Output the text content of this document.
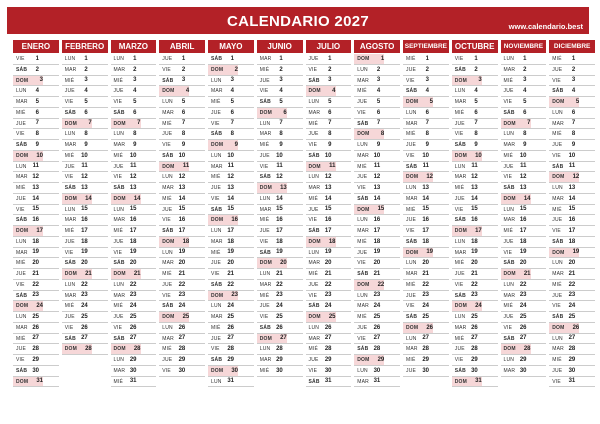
CALENDARIO 2027	www.calendario.best
ENERO
VIE	1
SÁB	2
DOM	3
LUN	4
MAR	5
MIÉ	6
JUE	7
VIE	8
SÁB	9
DOM	10
LUN	11
MAR 12
MIÉ	13
JUE	14
VIE	15
SÁB 16
DOM	17
LUN 18
MAR 19
MIÉ	20
JUE	21
VIE	22
SÁB 23
DOM	24
LUN 25
MAR 26
MIÉ	27
JUE	28
VIE	29
SÁB 30
DOM	31
FEBRERO
LUN	1
MAR	2
MIÉ	3
JUE	4
VIE	5
SÁB	6
DOM	7
LUN	8
MAR	9
MIÉ	10
JUE	11
VIE	12
SÁB 13
DOM	14
LUN 15
MAR 16
MIÉ	17
JUE	18
VIE	19
SÁB 20
DOM	21
LUN 22
MAR 23
MIÉ	24
JUE	25
VIE	26
SÁB 27
DOM	28
MARZO
LUN	1
MAR	2
MIÉ	3
JUE	4
VIE	5
SÁB	6
DOM	7
LUN	8
MAR	9
MIÉ	10
JUE	11
VIE	12
SÁB 13
DOM	14
LUN 15
MAR 16
MIÉ	17
JUE	18
VIE	19
SÁB 20
DOM	21
LUN 22
MAR 23
MIÉ	24
JUE	25
VIE	26
SÁB 27
DOM	28
LUN 29
MAR 30
MIÉ	31
ABRIL
JUE	1
VIE	2
SÁB	3
DOM	4
LUN	5
MAR	6
MIÉ	7
JUE	8
VIE	9
SÁB 10
DOM	11
LUN 12
MAR 13
MIÉ	14
JUE	15
VIE	16
SÁB 17
DOM	18
LUN 19
MAR 20
MIÉ	21
JUE	22
VIE	23
SÁB 24
DOM	25
LUN 26
MAR 27
MIÉ	28
JUE	29
VIE	30
MAYO
SÁB	1
DOM	2
LUN	3
MAR	4
MIÉ	5
JUE	6
VIE	7
SÁB	8
DOM	9
LUN 10
MAR 11
MIÉ	12
JUE	13
VIE	14
SÁB 15
DOM	16
LUN 17
MAR 18
MIÉ	19
JUE	20
VIE	21
SÁB 22
DOM	23
LUN 24
MAR 25
MIÉ	26
JUE	27
VIE	28
SÁB 29
DOM	30
LUN 31
JUNIO
MAR	1
MIÉ	2
JUE	3
VIE	4
SÁB	5
DOM	6
LUN	7
MAR	8
MIÉ	9
JUE	10
VIE	11
SÁB 12
DOM	13
LUN 14
MAR 15
MIÉ	16
JUE	17
VIE	18
SÁB 19
DOM	20
LUN 21
MAR 22
MIÉ	23
JUE	24
VIE	25
SÁB 26
DOM	27
LUN 28
MAR 29
MIÉ	30
JULIO
JUE	1
VIE	2
SÁB	3
DOM	4
LUN	5
MAR	6
MIÉ	7
JUE	8
VIE	9
SÁB 10
DOM	11
LUN 12
MAR 13
MIÉ	14
JUE	15
VIE	16
SÁB 17
DOM	18
LUN 19
MAR 20
MIÉ	21
JUE	22
VIE	23
SÁB 24
DOM	25
LUN 26
MAR 27
MIÉ	28
JUE	29
VIE	30
SÁB 31
AGOSTO
DOM	1
LUN	2
MAR	3
MIÉ	4
JUE	5
VIE	6
SÁB	7
DOM	8
LUN	9
MAR 10
MIÉ	11
JUE	12
VIE	13
SÁB 14
DOM	15
LUN 16
MAR 17
MIÉ	18
JUE	19
VIE	20
SÁB 21
DOM	22
LUN 23
MAR 24
MIÉ	25
JUE	26
VIE	27
SÁB 28
DOM	29
LUN 30
MAR 31
SEPTIEMBRE
MIÉ	1
JUE	2
VIE	3
SÁB	4
DOM	5
LUN	6
MAR	7
MIÉ	8
JUE	9
VIE	10
SÁB 11
DOM	12
LUN 13
MAR 14
MIÉ	15
JUE	16
VIE	17
SÁB 18
DOM	19
LUN 20
MAR 21
MIÉ	22
JUE	23
VIE	24
SÁB 25
DOM	26
LUN 27
MAR 28
MIÉ	29
JUE	30
OCTUBRE
VIE	1
SÁB	2
DOM	3
LUN	4
MAR	5
MIÉ	6
JUE	7
VIE	8
SÁB	9
DOM	10
LUN	11
MAR 12
MIÉ	13
JUE	14
VIE	15
SÁB 16
DOM	17
LUN 18
MAR 19
MIÉ	20
JUE	21
VIE	22
SÁB 23
DOM	24
LUN 25
MAR 26
MIÉ	27
JUE	28
VIE	29
SÁB 30
DOM	31
NOVIEMBRE
LUN	1
MAR	2
MIÉ	3
JUE	4
VIE	5
SÁB	6
DOM	7
LUN	8
MAR	9
MIÉ	10
JUE	11
VIE	12
SÁB 13
DOM	14
LUN 15
MAR 16
MIÉ	17
JUE	18
VIE	19
SÁB 20
DOM	21
LUN 22
MAR 23
MIÉ	24
JUE	25
VIE	26
SÁB 27
DOM	28
LUN 29
MAR 30
DICIEMBRE
MIÉ	1
JUE	2
VIE	3
SÁB	4
DOM	5
LUN	6
MAR	7
MIÉ	8
JUE	9
VIE	10
SÁB 11
DOM	12
LUN 13
MAR 14
MIÉ	15
JUE	16
VIE	17
SÁB 18
DOM	19
LUN 20
MAR 21
MIÉ	22
JUE	23
VIE	24
SÁB 25
DOM	26
LUN 27
MAR 28
MIÉ	29
JUE	30
VIE	31
